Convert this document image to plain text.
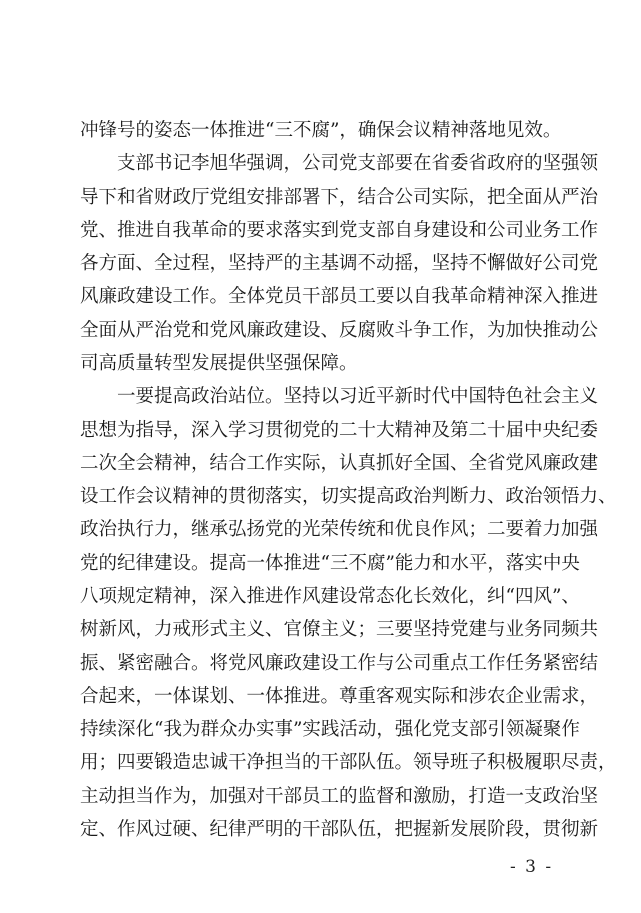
冲锋号的姿态一体推进“三不腐”，确保会议精神落地见效。
支部书记李旭华强调，公司党支部要在省委省政府的坚强领
导下和省财政厅党组安排部署下，结合公司实际，把全面从严治
党、推进自我革命的要求落实到党支部自身建设和公司业务工作
各方面、全过程，坚持严的主基调不动摇，坚持不懈做好公司党
风廉政建设工作。全体党员干部员工要以自我革命精神深入推进
全面从严治党和党风廉政建设、反腐败斗争工作，为加快推动公
司高质量转型发展提供坚强保障。
一要提高政治站位。坚持以习近平新时代中国特色社会主义
思想为指导，深入学习贯彻党的二十大精神及第二十届中央纪委
二次全会精神，结合工作实际，认真抓好全国、全省党风廉政建
设工作会议精神的贯彻落实，切实提高政治判断力、政治领悟力、
政治执行力，继承弘扬党的光荣传统和优良作风；二要着力加强
党的纪律建设。提高一体推进“三不腐”能力和水平，落实中央
八项规定精神，深入推进作风建设常态化长效化，纠“四风”、
树新风，力戒形式主义、官僚主义；三要坚持党建与业务同频共
振、紧密融合。将党风廉政建设工作与公司重点工作任务紧密结
合起来，一体谋划、一体推进。尊重客观实际和涉农企业需求，
持续深化“我为群众办实事”实践活动，强化党支部引领凝聚作
用；四要锻造忠诚干净担当的干部队伍。领导班子积极履职尽责，
主动担当作为，加强对干部员工的监督和激励，打造一支政治坚
定、作风过硬、纪律严明的干部队伍，把握新发展阶段，贯彻新
- 3 -
